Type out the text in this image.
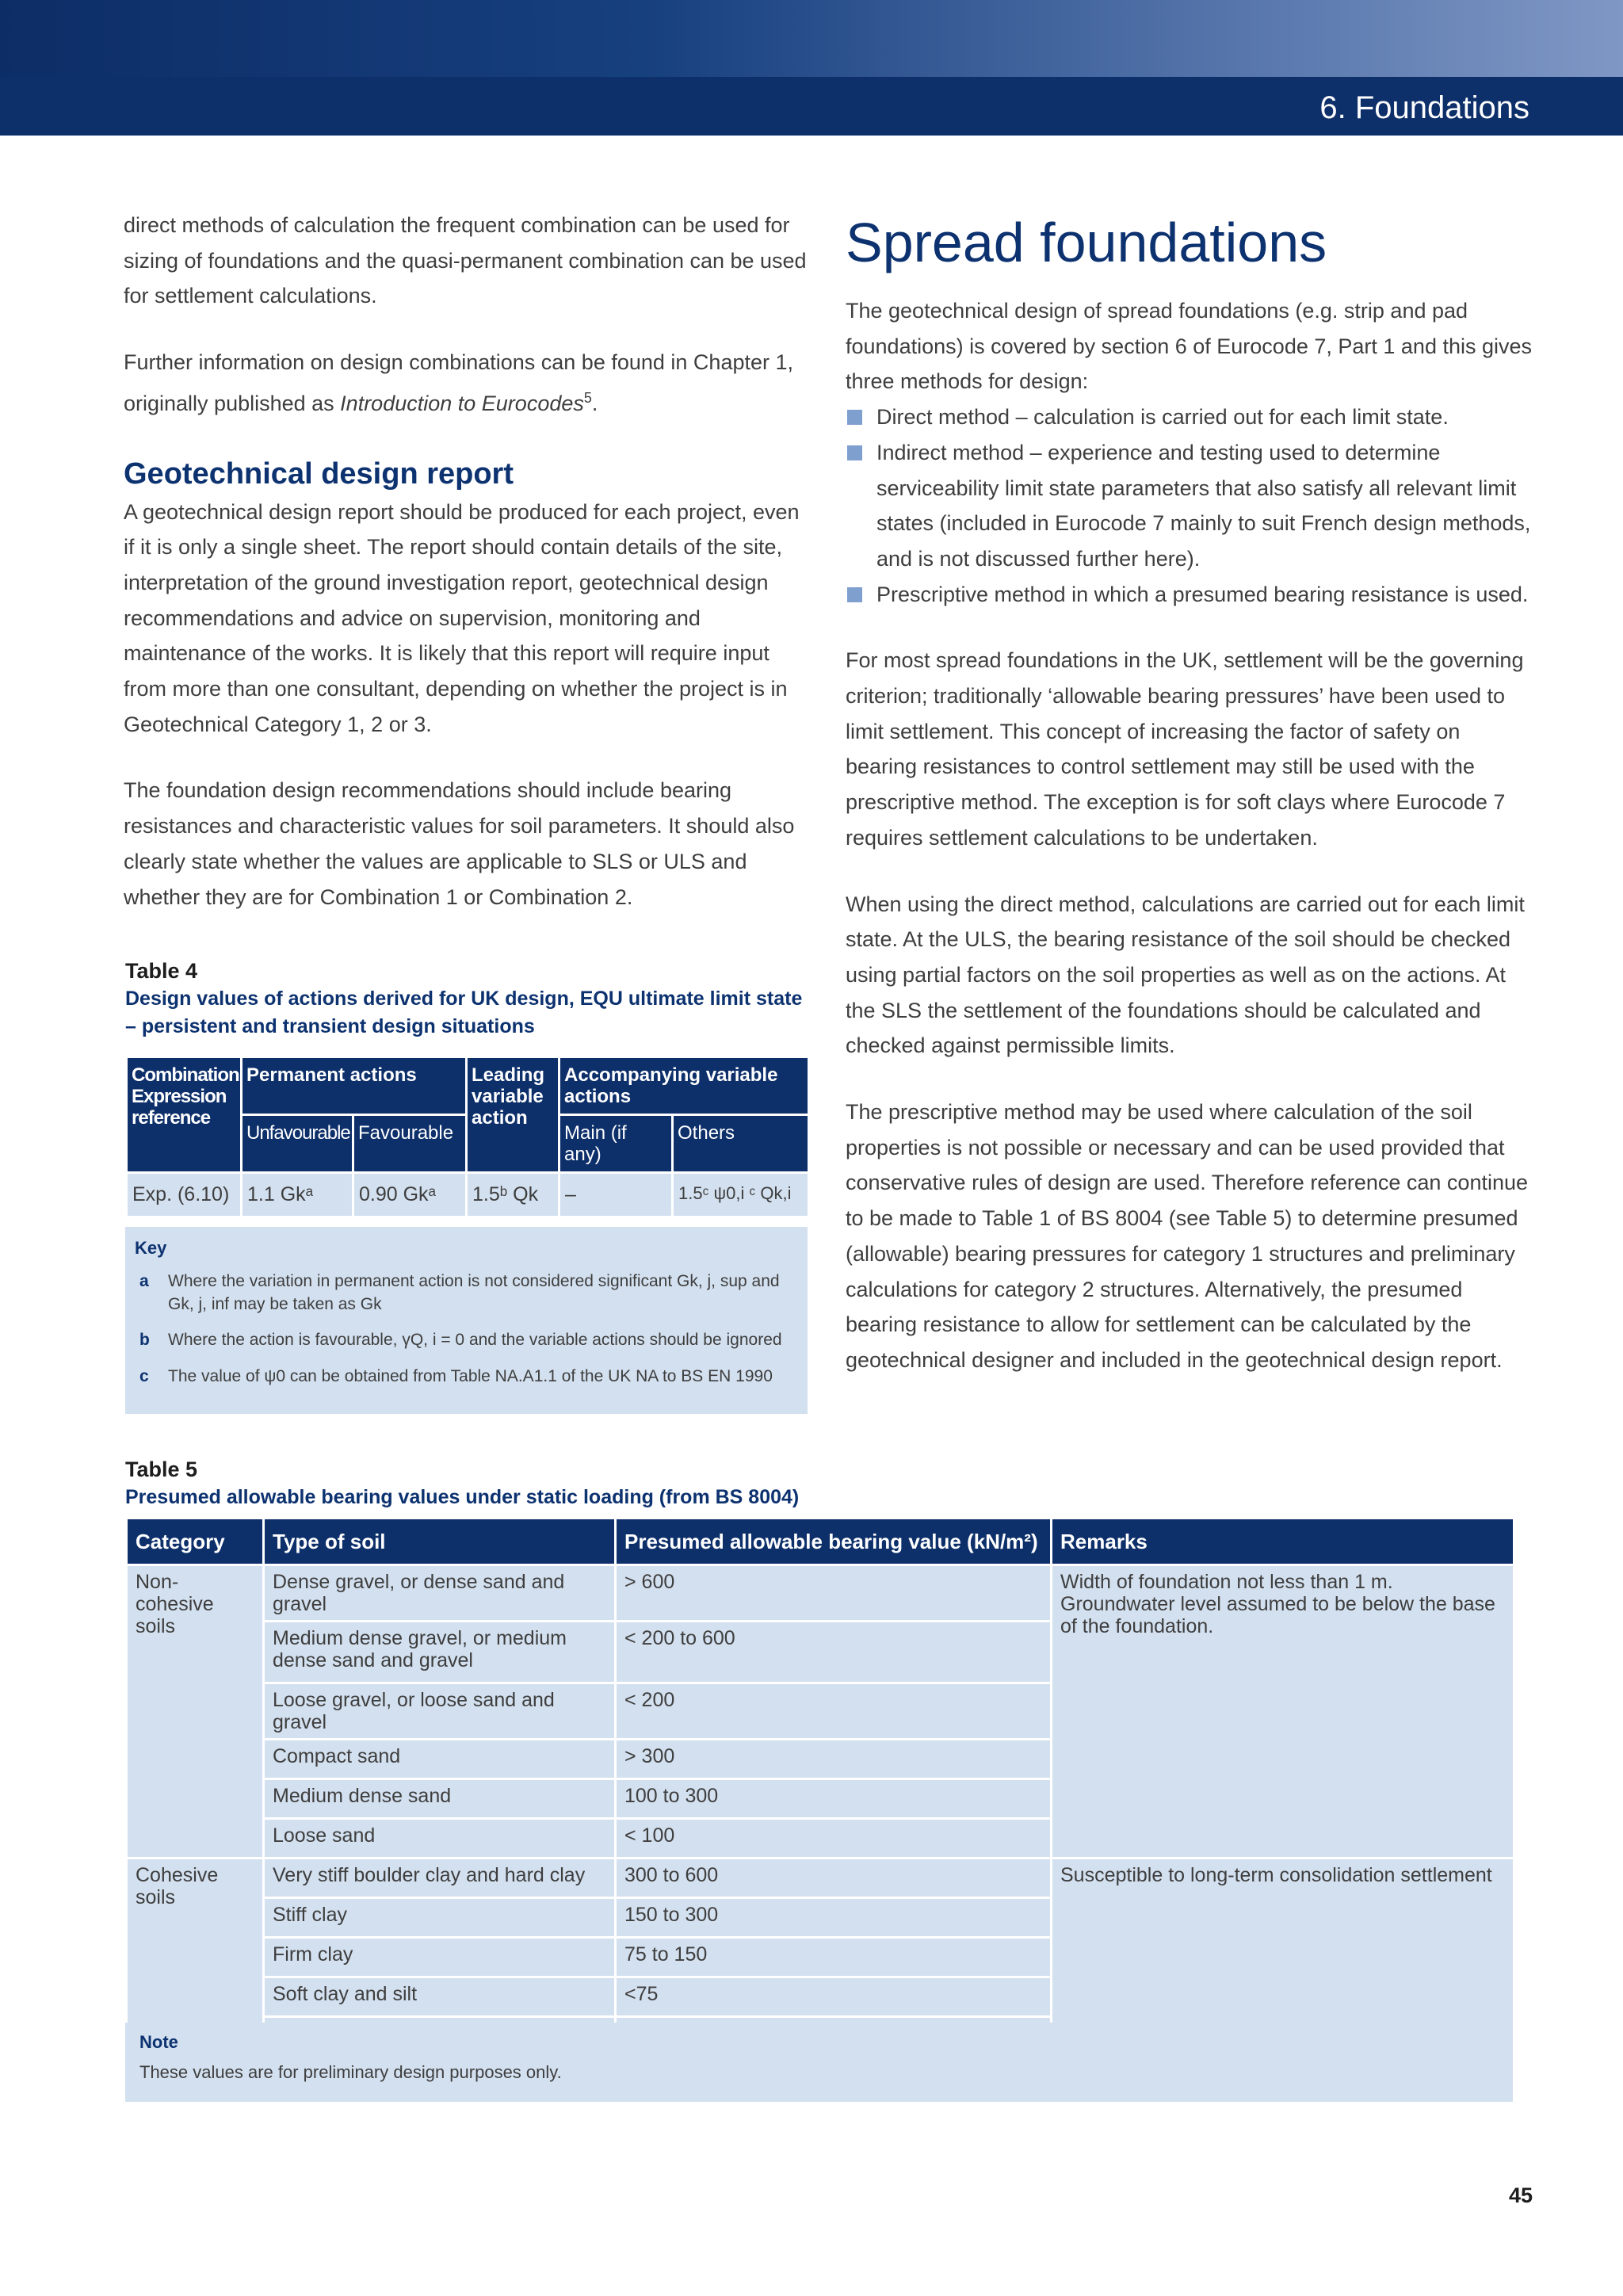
6. Foundations

direct methods of calculation the frequent combination can be used for sizing of foundations and the quasi-permanent combination can be used for settlement calculations.

Further information on design combinations can be found in Chapter 1, originally published as Introduction to Eurocodes$^5$.

Geotechnical design report

A geotechnical design report should be produced for each project, even if it is only a single sheet. The report should contain details of the site, interpretation of the ground investigation report, geotechnical design recommendations and advice on supervision, monitoring and maintenance of the works. It is likely that this report will require input from more than one consultant, depending on whether the project is in Geotechnical Category 1, 2 or 3.

The foundation design recommendations should include bearing resistances and characteristic values for soil parameters. It should also clearly state whether the values are applicable to SLS or ULS and whether they are for Combination 1 or Combination 2.

Spread foundations

The geotechnical design of spread foundations (e.g. strip and pad foundations) is covered by section 6 of Eurocode 7, Part 1 and this gives three methods for design:

Direct method – calculation is carried out for each limit state.
Indirect method – experience and testing used to determine serviceability limit state parameters that also satisfy all relevant limit states (included in Eurocode 7 mainly to suit French design methods, and is not discussed further here).
Prescriptive method in which a presumed bearing resistance is used.

For most spread foundations in the UK, settlement will be the governing criterion; traditionally ‘allowable bearing pressures’ have been used to limit settlement. This concept of increasing the factor of safety on bearing resistances to control settlement may still be used with the prescriptive method. The exception is for soft clays where Eurocode 7 requires settlement calculations to be undertaken.

When using the direct method, calculations are carried out for each limit state. At the ULS, the bearing resistance of the soil should be checked using partial factors on the soil properties as well as on the actions. At the SLS the settlement of the foundations should be calculated and checked against permissible limits.

The prescriptive method may be used where calculation of the soil properties is not possible or necessary and can be used provided that conservative rules of design are used. Therefore reference can continue to be made to Table 1 of BS 8004 (see Table 5) to determine presumed (allowable) bearing pressures for category 1 structures and preliminary calculations for category 2 structures. Alternatively, the presumed bearing resistance to allow for settlement can be calculated by the geotechnical designer and included in the geotechnical design report.

Table 4
Design values of actions derived for UK design, EQU ultimate limit state – persistent and transient design situations
Combination Expression reference	Permanent actions		Leading variable action	Accompanying variable actions	
	Unfavourable	Favourable		Main (if any)	Others
Exp. (6.10)	1.1 Gkᵃ	0.90 Gkᵃ	1.5ᵇ Qk	–	1.5ᶜ ψ0,i ᶜ Qk,i
Key
a Where the variation in permanent action is not considered significant Gk, j, sup and Gk, j, inf may be taken as Gk
b Where the action is favourable, γQ, i = 0 and the variable actions should be ignored
c The value of ψ0 can be obtained from Table NA.A1.1 of the UK NA to BS EN 1990
Table 5
Presumed allowable bearing values under static loading (from BS 8004)
Category	Type of soil	Presumed allowable bearing value (kN/m²)	Remarks
Non-cohesive soils	Dense gravel, or dense sand and gravel	> 600	Width of foundation not less than 1 m. Groundwater level assumed to be below the base of the foundation.
	Medium dense gravel, or medium dense sand and gravel	< 200 to 600	
	Loose gravel, or loose sand and gravel	< 200	
	Compact sand	> 300	
	Medium dense sand	100 to 300	
	Loose sand	< 100	
Cohesive soils	Very stiff boulder clay and hard clay	300 to 600	Susceptible to long-term consolidation settlement
	Stiff clay	150 to 300	
	Firm clay	75 to 150	
	Soft clay and silt	<75	

Note
These values are for preliminary design purposes only.
45
